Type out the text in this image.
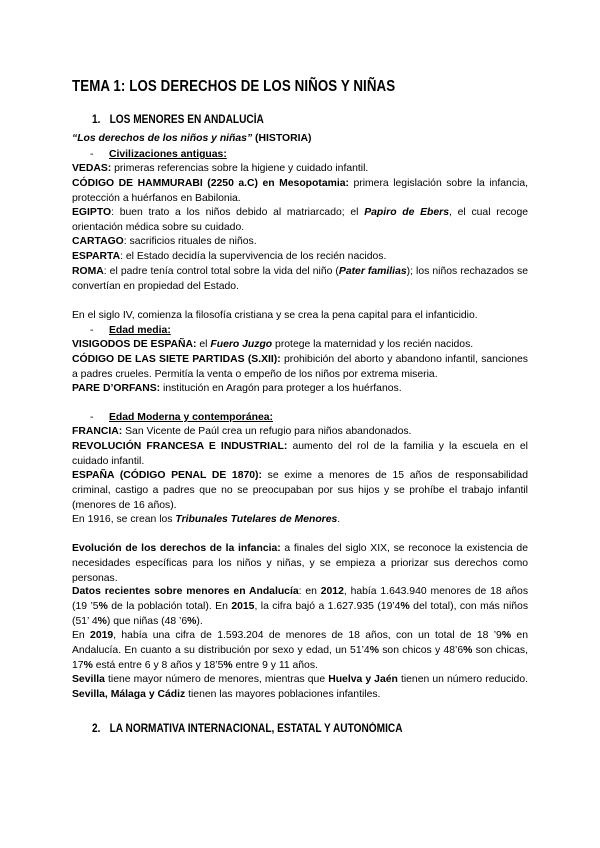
TEMA 1: LOS DERECHOS DE LOS NIÑOS Y NIÑAS
1. LOS MENORES EN ANDALUCÍA
“Los derechos de los niños y niñas” (HISTORIA)
- Civilizaciones antiguas:
VEDAS: primeras referencias sobre la higiene y cuidado infantil.
CÓDIGO DE HAMMURABI (2250 a.C) en Mesopotamia: primera legislación sobre la infancia, protección a huérfanos en Babilonia.
EGIPTO: buen trato a los niños debido al matriarcado; el Papiro de Ebers, el cual recoge orientación médica sobre su cuidado.
CARTAGO: sacrificios rituales de niños.
ESPARTA: el Estado decidía la supervivencia de los recién nacidos.
ROMA: el padre tenía control total sobre la vida del niño (Pater familias); los niños rechazados se convertían en propiedad del Estado.
En el siglo IV, comienza la filosofía cristiana y se crea la pena capital para el infanticidio.
- Edad media:
VISIGODOS DE ESPAÑA: el Fuero Juzgo protege la maternidad y los recién nacidos.
CÓDIGO DE LAS SIETE PARTIDAS (S.XII): prohibición del aborto y abandono infantil, sanciones a padres crueles. Permitía la venta o empeño de los niños por extrema miseria.
PARE D’ORFANS: institución en Aragón para proteger a los huérfanos.
- Edad Moderna y contemporánea:
FRANCIA: San Vicente de Paúl crea un refugio para niños abandonados.
REVOLUCIÓN FRANCESA E INDUSTRIAL: aumento del rol de la familia y la escuela en el cuidado infantil.
ESPAÑA (CÓDIGO PENAL DE 1870): se exime a menores de 15 años de responsabilidad criminal, castigo a padres que no se preocupaban por sus hijos y se prohíbe el trabajo infantil (menores de 16 años).
En 1916, se crean los Tribunales Tutelares de Menores.
Evolución de los derechos de la infancia: a finales del siglo XIX, se reconoce la existencia de necesidades específicas para los niños y niñas, y se empieza a priorizar sus derechos como personas.
Datos recientes sobre menores en Andalucía: en 2012, había 1.643.940 menores de 18 años (19 ’5% de la población total). En 2015, la cifra bajó a 1.627.935 (19’4% del total), con más niños (51’ 4%) que niñas (48 ’6%).
En 2019, había una cifra de 1.593.204 de menores de 18 años, con un total de 18 ’9% en Andalucía. En cuanto a su distribución por sexo y edad, un 51’4% son chicos y 48’6% son chicas, 17% está entre 6 y 8 años y 18’5% entre 9 y 11 años.
Sevilla tiene mayor número de menores, mientras que Huelva y Jaén tienen un número reducido. Sevilla, Málaga y Cádiz tienen las mayores poblaciones infantiles.
2. LA NORMATIVA INTERNACIONAL, ESTATAL Y AUTONÓMICA
